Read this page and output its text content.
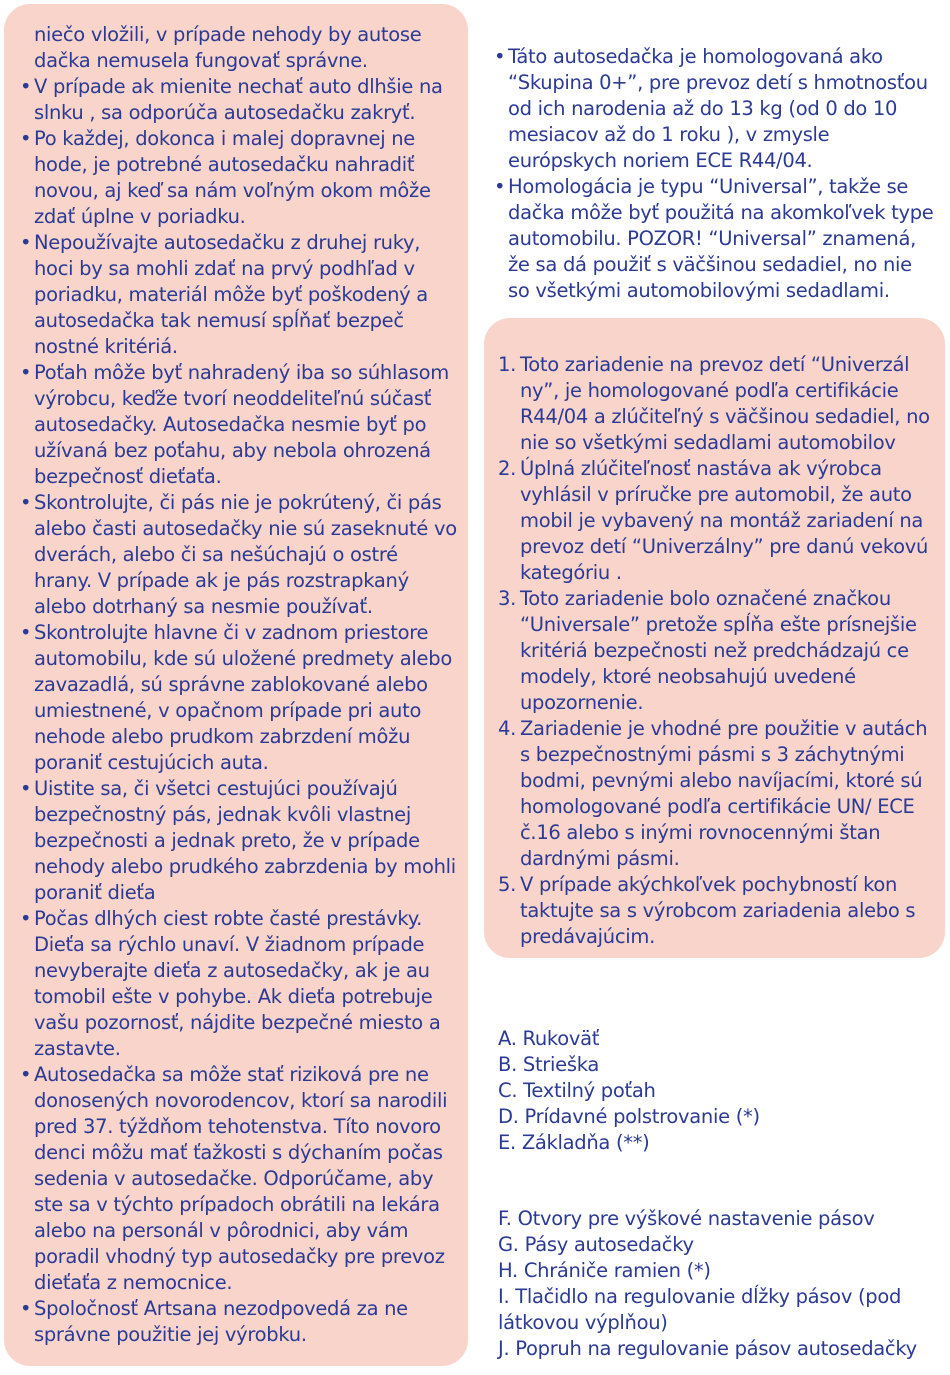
niečo vložili, v prípade nehody by autose dačka nemusela fungovať správne.
• V prípade ak mienite nechať auto dlhšie na slnku , sa odporúča autosedačku zakryť.
• Po každej, dokonca i malej dopravnej ne hode, je potrebné autosedačku nahradiť novou, aj keď sa nám voľným okom môže zdať úplne v poriadku.
• Nepoužívajte autosedačku z druhej ruky, hoci by sa mohli zdať na prvý podhľad v poriadku, materiál môže byť poškodený a autosedačka tak nemusí spĺňať bezpeč nostné kritériá.
• Poťah môže byť nahradený iba so súhlasom výrobcu, keďže tvorí neoddeliteľnú súčasť autosedačky. Autosedačka nesmie byť po užívaná bez poťahu, aby nebola ohrozená bezpečnosť dieťaťa.
• Skontrolujte, či pás nie je pokrútený, či pás alebo časti autosedačky nie sú zaseknuté vo dverách, alebo či sa nešúchajú o ostré hrany. V prípade ak je pás rozstrapkaný alebo dotrhaný sa nesmie používať.
• Skontrolujte hlavne či v zadnom priestore automobilu, kde sú uložené predmety alebo zavazadlá, sú správne zablokované alebo umiestnené, v opačnom prípade pri auto nehode alebo prudkom zabrzdení môžu poraniť cestujúcich auta.
• Uistite sa, či všetci cestujúci používajú bezpečnostný pás, jednak kvôli vlastnej bezpečnosti a jednak preto, že v prípade nehody alebo prudkého zabrzdenia by mohli poraniť dieťa
• Počas dlhých ciest robte časté prestávky. Dieťa sa rýchlo unaví. V žiadnom prípade nevyberajte dieťa z autosedačky, ak je au tomobil ešte v pohybe. Ak dieťa potrebuje vašu pozornosť, nájdite bezpečné miesto a zastavte.
• Autosedačka sa môže stať riziková pre ne donosených novorodencov, ktorí sa narodili pred 37. týždňom tehotenstva. Títo novoro denci môžu mať ťažkosti s dýchaním počas sedenia v autosedačke. Odporúčame, aby ste sa v týchto prípadoch obrátili na lekára alebo na personál v pôrodnici, aby vám poradil vhodný typ autosedačky pre prevoz dieťaťa z nemocnice.
• Spoločnosť Artsana nezodpovedá za ne správne použitie jej výrobku.
• Táto autosedačka je homologovaná ako “Skupina 0+”, pre prevoz detí s hmotnosťou od ich narodenia až do 13 kg (od 0 do 10 mesiacov až do 1 roku ), v zmysle európskych noriem ECE R44/04.
• Homologácia je typu “Universal”, takže se dačka môže byť použitá na akomkoľvek type automobilu. POZOR! “Universal” znamená, že sa dá použiť s väčšinou sedadiel, no nie so všetkými automobilovými sedadlami.
1. Toto zariadenie na prevoz detí “Univerzál ny”, je homologované podľa certifikácie R44/04 a zlúčiteľný s väčšinou sedadiel, no nie so všetkými sedadlami automobilov
2. Úplná zlúčiteľnosť nastáva ak výrobca vyhlásil v príručke pre automobil, že auto mobil je vybavený na montáž zariadení na prevoz detí “Univerzálny” pre danú vekovú kategóriu .
3. Toto zariadenie bolo označené značkou “Universale” pretože spĺňa ešte prísnejšie kritériá bezpečnosti než predchádzajú ce modely, ktoré neobsahujú uvedené upozornenie.
4. Zariadenie je vhodné pre použitie v autách s bezpečnostnými pásmi s 3 záchytnými bodmi, pevnými alebo navíjacími, ktoré sú homologované podľa certifikácie UN/ ECE č.16 alebo s inými rovnocennými štan dardnými pásmi.
5. V prípade akýchkoľvek pochybností kon taktujte sa s výrobcom zariadenia alebo s predávajúcim.
A. Rukoväť
B. Strieška
C. Textilný poťah
D. Prídavné polstrovanie (*)
E. Základňa (**)
F. Otvory pre výškové nastavenie pásov
G. Pásy autosedačky
H. Chrániče ramien (*)
I. Tlačidlo na regulovanie dĺžky pásov (pod látkovou výplňou)
J. Popruh na regulovanie pásov autosedačky
